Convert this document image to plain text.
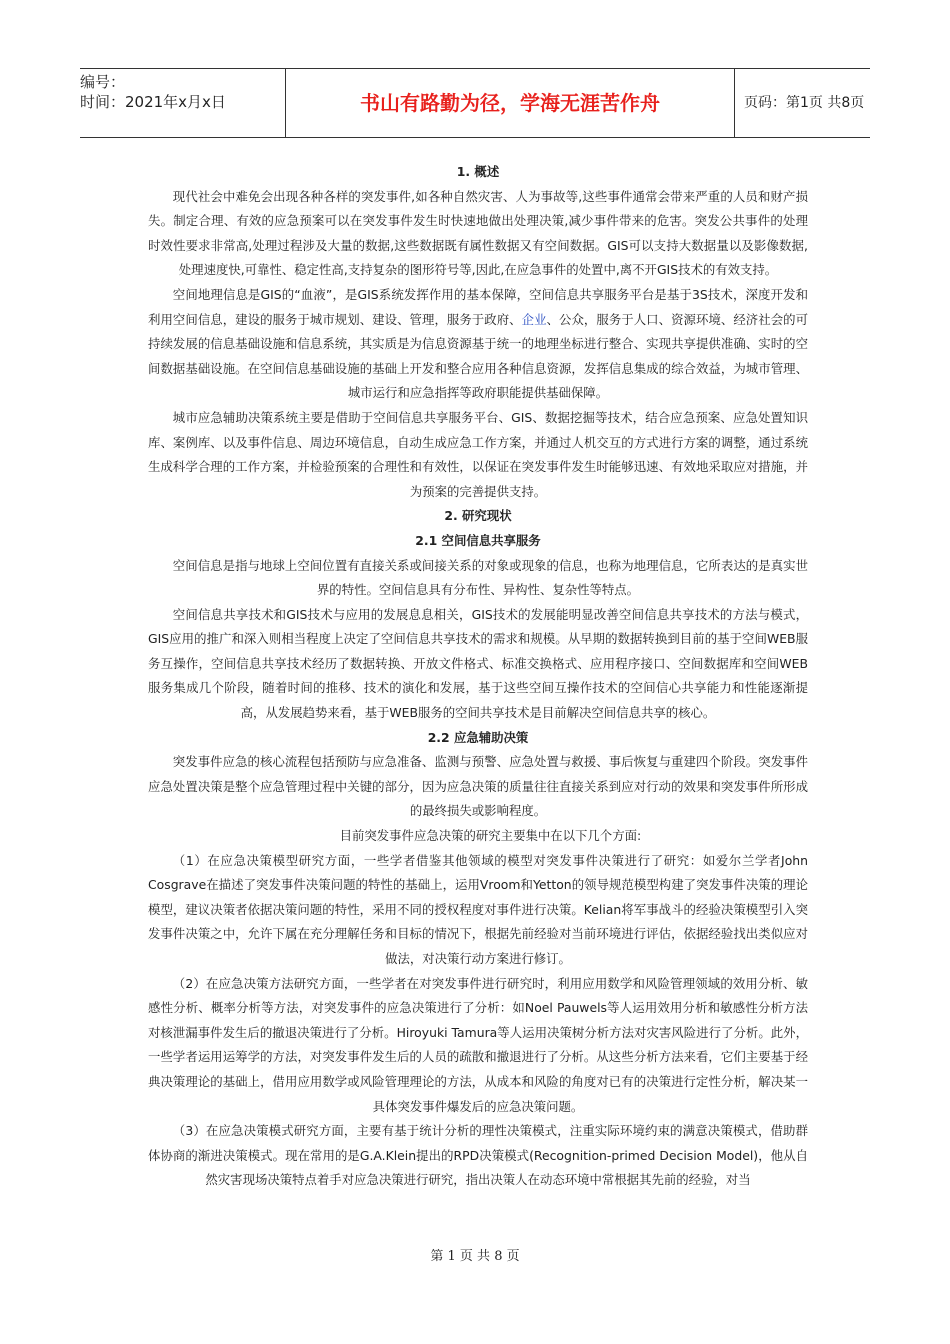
编号：
时间：2021年x月x日	书山有路勤为径，学海无涯苦作舟	页码：第1页 共8页

1. 概述

现代社会中难免会出现各种各样的突发事件,如各种自然灾害、人为事故等,这些事件通常会带来严重的人员和财产损失。制定合理、有效的应急预案可以在突发事件发生时快速地做出处理决策,减少事件带来的危害。突发公共事件的处理时效性要求非常高,处理过程涉及大量的数据,这些数据既有属性数据又有空间数据。GIS可以支持大数据量以及影像数据,处理速度快,可靠性、稳定性高,支持复杂的图形符号等,因此,在应急事件的处置中,离不开GIS技术的有效支持。

空间地理信息是GIS的“血液”，是GIS系统发挥作用的基本保障，空间信息共享服务平台是基于3S技术，深度开发和利用空间信息，建设的服务于城市规划、建设、管理，服务于政府、企业、公众，服务于人口、资源环境、经济社会的可持续发展的信息基础设施和信息系统，其实质是为信息资源基于统一的地理坐标进行整合、实现共享提供准确、实时的空间数据基础设施。在空间信息基础设施的基础上开发和整合应用各种信息资源，发挥信息集成的综合效益，为城市管理、城市运行和应急指挥等政府职能提供基础保障。

城市应急辅助决策系统主要是借助于空间信息共享服务平台、GIS、数据挖掘等技术，结合应急预案、应急处置知识库、案例库、以及事件信息、周边环境信息，自动生成应急工作方案，并通过人机交互的方式进行方案的调整，通过系统生成科学合理的工作方案，并检验预案的合理性和有效性，以保证在突发事件发生时能够迅速、有效地采取应对措施，并为预案的完善提供支持。

2. 研究现状

2.1 空间信息共享服务

空间信息是指与地球上空间位置有直接关系或间接关系的对象或现象的信息，也称为地理信息，它所表达的是真实世界的特性。空间信息具有分布性、异构性、复杂性等特点。

空间信息共享技术和GIS技术与应用的发展息息相关，GIS技术的发展能明显改善空间信息共享技术的方法与模式，GIS应用的推广和深入则相当程度上决定了空间信息共享技术的需求和规模。从早期的数据转换到目前的基于空间WEB服务互操作，空间信息共享技术经历了数据转换、开放文件格式、标准交换格式、应用程序接口、空间数据库和空间WEB服务集成几个阶段，随着时间的推移、技术的演化和发展，基于这些空间互操作技术的空间信心共享能力和性能逐渐提高，从发展趋势来看，基于WEB服务的空间共享技术是目前解决空间信息共享的核心。

2.2 应急辅助决策

突发事件应急的核心流程包括预防与应急准备、监测与预警、应急处置与救援、事后恢复与重建四个阶段。突发事件应急处置决策是整个应急管理过程中关键的部分，因为应急决策的质量往往直接关系到应对行动的效果和突发事件所形成的最终损失或影响程度。

目前突发事件应急决策的研究主要集中在以下几个方面:

（1）在应急决策模型研究方面，一些学者借鉴其他领域的模型对突发事件决策进行了研究：如爱尔兰学者John Cosgrave在描述了突发事件决策问题的特性的基础上，运用Vroom和Yetton的领导规范模型构建了突发事件决策的理论模型，建议决策者依据决策问题的特性，采用不同的授权程度对事件进行决策。Kelian将军事战斗的经验决策模型引入突发事件决策之中，允许下属在充分理解任务和目标的情况下，根据先前经验对当前环境进行评估，依据经验找出类似应对做法，对决策行动方案进行修订。

（2）在应急决策方法研究方面，一些学者在对突发事件进行研究时，利用应用数学和风险管理领域的效用分析、敏感性分析、概率分析等方法，对突发事件的应急决策进行了分析：如Noel Pauwels等人运用效用分析和敏感性分析方法对核泄漏事件发生后的撤退决策进行了分析。Hiroyuki Tamura等人运用决策树分析方法对灾害风险进行了分析。此外，一些学者运用运筹学的方法，对突发事件发生后的人员的疏散和撤退进行了分析。从这些分析方法来看，它们主要基于经典决策理论的基础上，借用应用数学或风险管理理论的方法，从成本和风险的角度对已有的决策进行定性分析，解决某一具体突发事件爆发后的应急决策问题。

（3）在应急决策模式研究方面，主要有基于统计分析的理性决策模式，注重实际环境约束的满意决策模式，借助群体协商的渐进决策模式。现在常用的是G.A.Klein提出的RPD决策模式(Recognition-primed Decision Model)，他从自然灾害现场决策特点着手对应急决策进行研究，指出决策人在动态环境中常根据其先前的经验，对当

第 1 页 共 8 页
